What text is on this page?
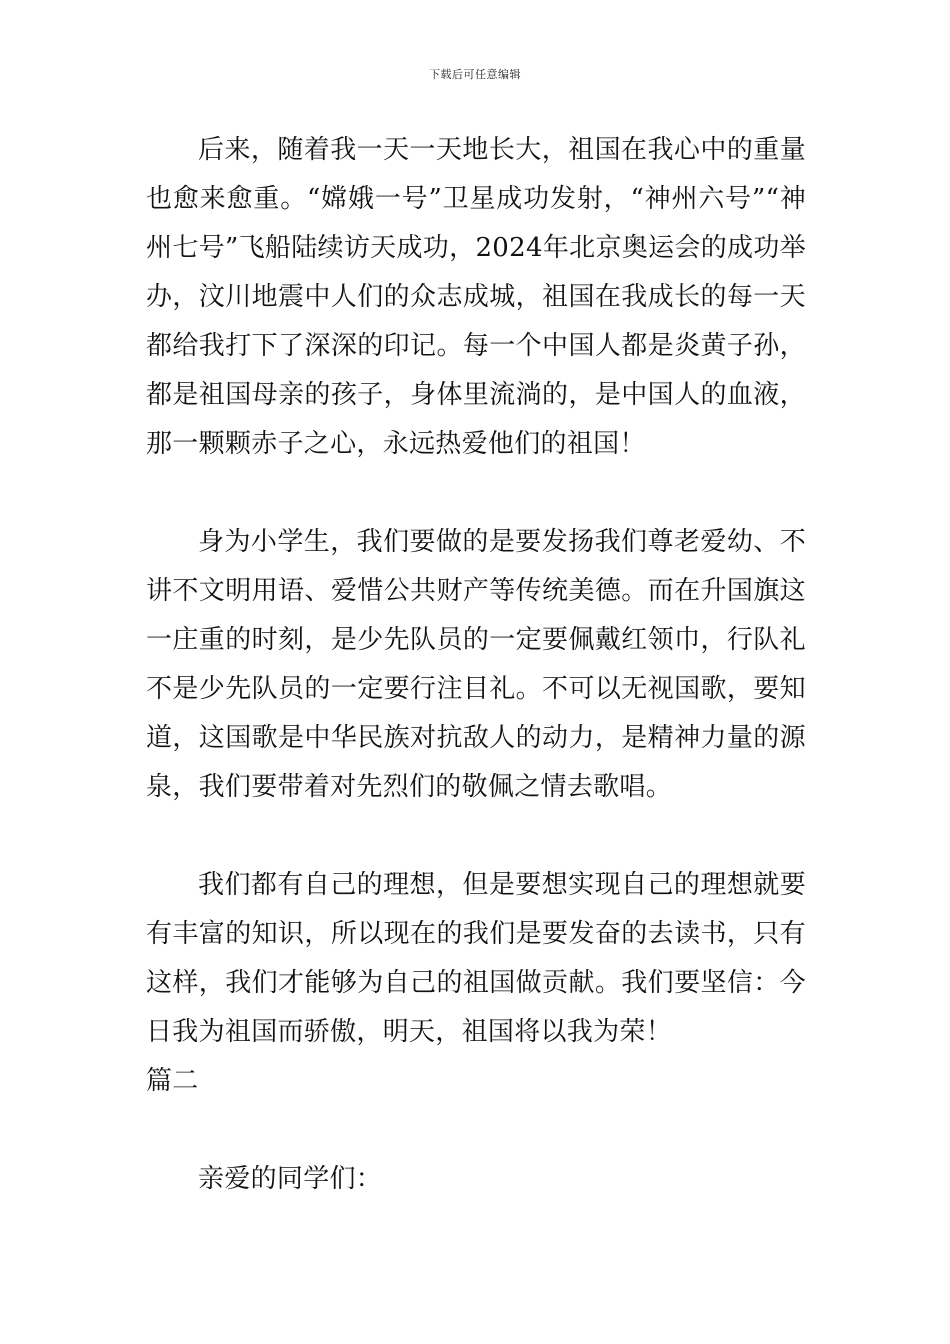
下载后可任意编辑

后来，随着我一天一天地长大，祖国在我心中的重量也愈来愈重。“嫦娥一号”卫星成功发射，“神州六号”“神州七号”飞船陆续访天成功，2024年北京奥运会的成功举办，汶川地震中人们的众志成城，祖国在我成长的每一天都给我打下了深深的印记。每一个中国人都是炎黄子孙，都是祖国母亲的孩子，身体里流淌的，是中国人的血液，那一颗颗赤子之心，永远热爱他们的祖国！

身为小学生，我们要做的是要发扬我们尊老爱幼、不讲不文明用语、爱惜公共财产等传统美德。而在升国旗这一庄重的时刻，是少先队员的一定要佩戴红领巾，行队礼不是少先队员的一定要行注目礼。不可以无视国歌，要知道，这国歌是中华民族对抗敌人的动力，是精神力量的源泉，我们要带着对先烈们的敬佩之情去歌唱。

我们都有自己的理想，但是要想实现自己的理想就要有丰富的知识，所以现在的我们是要发奋的去读书，只有这样，我们才能够为自己的祖国做贡献。我们要坚信：今日我为祖国而骄傲，明天，祖国将以我为荣！

篇二

亲爱的同学们：
